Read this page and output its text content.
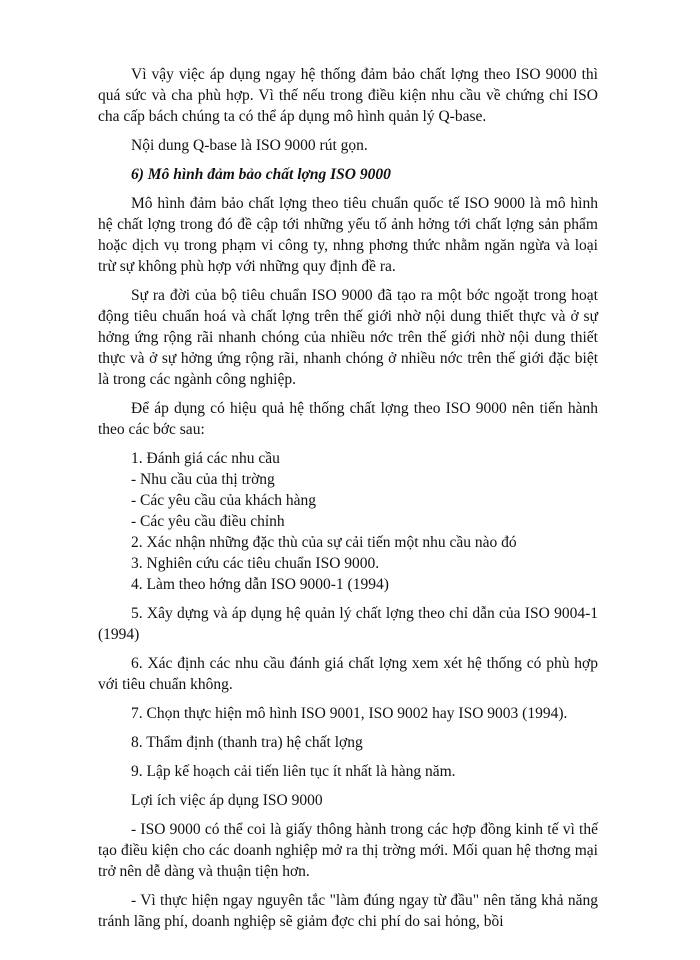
Vì vậy việc áp dụng ngay hệ thống đảm bảo chất lợng theo ISO 9000 thì quá sức và cha phù hợp. Vì thế nếu trong điều kiện nhu cầu về chứng chỉ ISO cha cấp bách chúng ta có thể áp dụng mô hình quản lý Q-base.

Nội dung Q-base là ISO 9000 rút gọn.

6) Mô hình đảm bảo chất lợng ISO 9000

Mô hình đảm bảo chất lợng theo tiêu chuẩn quốc tế ISO 9000 là mô hình hệ chất lợng trong đó đề cập tới những yếu tố ảnh hởng tới chất lợng sản phẩm hoặc dịch vụ trong phạm vi công ty, nhng phơng thức nhằm ngăn ngừa và loại trừ sự không phù hợp với những quy định đề ra.

Sự ra đời của bộ tiêu chuẩn ISO 9000 đã tạo ra một bớc ngoặt trong hoạt động tiêu chuẩn hoá và chất lợng trên thế giới nhờ nội dung thiết thực và ở sự hởng ứng rộng rãi nhanh chóng của nhiều nớc trên thế giới nhờ nội dung thiết thực và ở sự hởng ứng rộng rãi, nhanh chóng ở nhiều nớc trên thế giới đặc biệt là trong các ngành công nghiệp.

Để áp dụng có hiệu quả hệ thống chất lợng theo ISO 9000 nên tiến hành theo các bớc sau:

1. Đánh giá các nhu cầu

- Nhu cầu của thị trờng

- Các yêu cầu của khách hàng

- Các yêu cầu điều chỉnh

2. Xác nhận những đặc thù của sự cải tiến một nhu cầu nào đó

3. Nghiên cứu các tiêu chuẩn ISO 9000.

4. Làm theo hớng dẫn ISO 9000-1 (1994)

5. Xây dựng và áp dụng hệ quản lý chất lợng theo chỉ dẫn của ISO 9004-1 (1994)

6. Xác định các nhu cầu đánh giá chất lợng xem xét hệ thống có phù hợp với tiêu chuẩn không.

7. Chọn thực hiện mô hình ISO 9001, ISO 9002 hay ISO 9003 (1994).

8. Thẩm định (thanh tra) hệ chất lợng

9. Lập kế hoạch cải tiến liên tục ít nhất là hàng năm.

Lợi ích việc áp dụng ISO 9000

- ISO 9000 có thể coi là giấy thông hành trong các hợp đồng kinh tế vì thế tạo điều kiện cho các doanh nghiệp mở ra thị trờng mới. Mối quan hệ thơng mại trở nên dễ dàng và thuận tiện hơn.

- Vì thực hiện ngay nguyên tắc "làm đúng ngay từ đầu" nên tăng khả năng tránh lãng phí, doanh nghiệp sẽ giảm đợc chi phí do sai hỏng, bồi
